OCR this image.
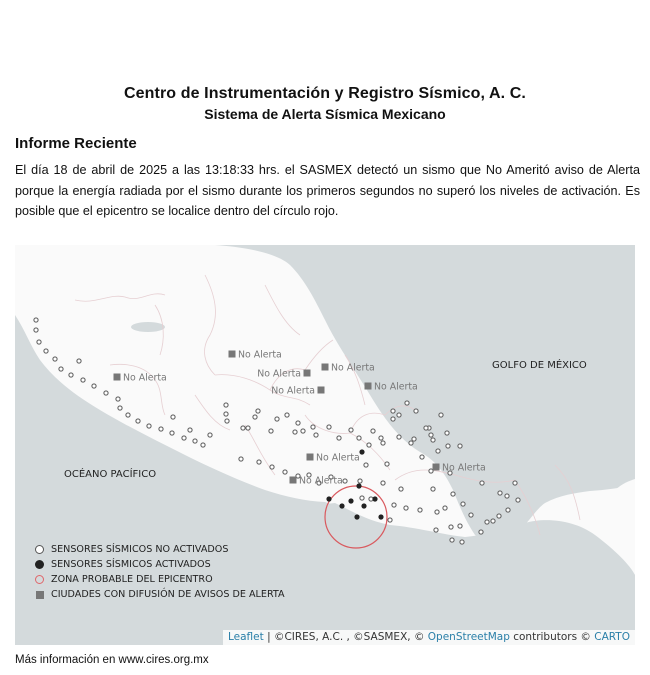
Centro de Instrumentación y Registro Sísmico, A. C.
Sistema de Alerta Sísmica Mexicano
Informe Reciente
El día 18 de abril de 2025 a las 13:18:33 hrs. el SASMEX detectó un sismo que No Ameritó aviso de Alerta porque la energía radiada por el sismo durante los primeros segundos no superó los niveles de activación. Es posible que el epicentro se localice dentro del círculo rojo.
No Alerta
No Alerta
No Alerta
No Alerta
No Alerta	No Alerta
No Alerta
No Alerta
No Alerta
OCÉANO PACÍFICO
GOLFO DE MÉXICO
SENSORES SÍSMICOS NO ACTIVADOS
SENSORES SÍSMICOS ACTIVADOS
ZONA PROBABLE DEL EPICENTRO
CIUDADES CON DIFUSIÓN DE AVISOS DE ALERTA
Leaflet | ©CIRES, A.C. , ©SASMEX, © OpenStreetMap contributors © CARTO
Más información en www.cires.org.mx
